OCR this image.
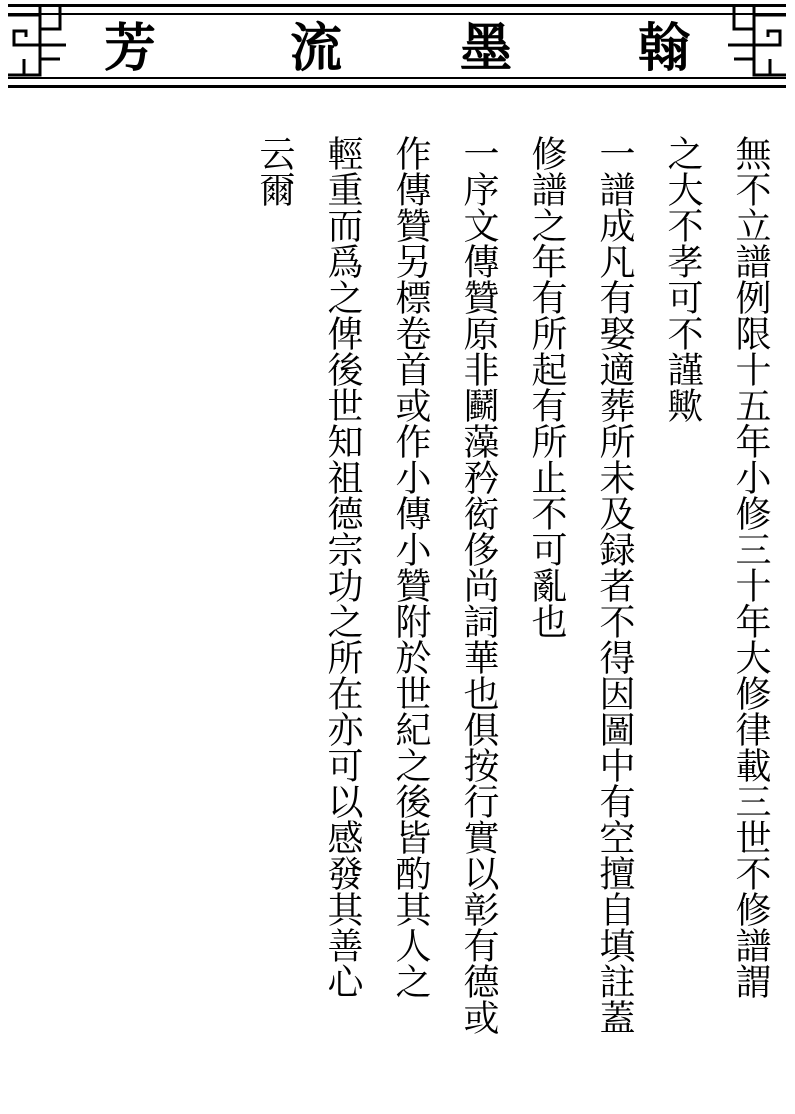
芳	流 墨 翰
無不立譜例限十五年小修三十年大修律載三世不修譜謂
之大不孝可不謹歟
一譜成凡有娶適葬所未及録者不得因圖中有空擅自填註蓋
修譜之年有所起有所止不可亂也
一序文傳贊原非鬬藻矜衒侈尚詞華也俱按行實以彰有德或
作傳贊另標卷首或作小傳小贊附於世紀之後皆酌其人之
輕重而爲之俾後世知祖德宗功之所在亦可以感發其善心
云爾
